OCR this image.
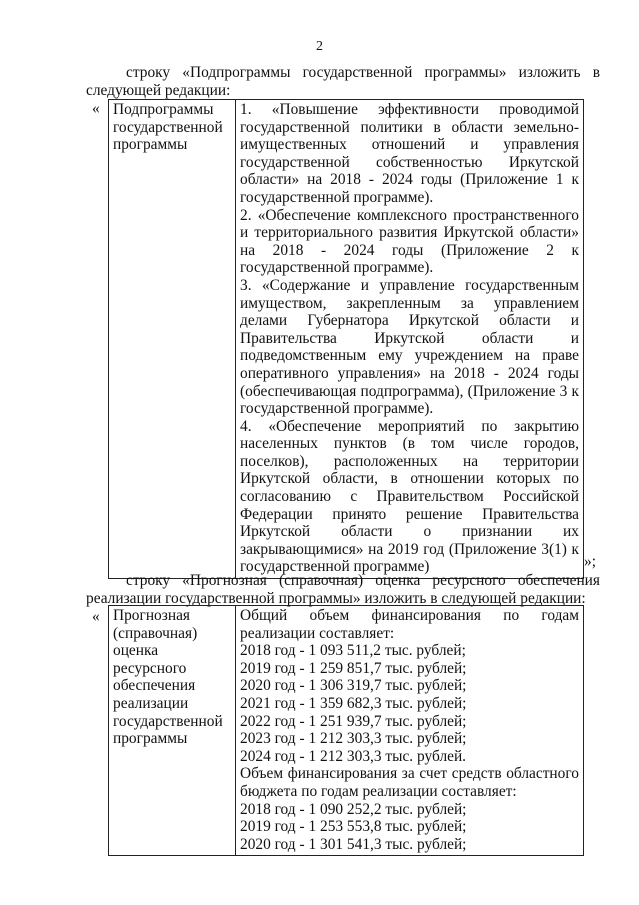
2
строку «Подпрограммы государственной программы» изложить в следующей редакции:
« Подпрограммы государственной программы

1. «Повышение эффективности проводимой государственной политики в области земельно-имущественных отношений и управления государственной собственностью Иркутской области» на 2018 - 2024 годы (Приложение 1 к государственной программе).
2. «Обеспечение комплексного пространственного и территориального развития Иркутской области» на 2018 - 2024 годы (Приложение 2 к государственной программе).
3. «Содержание и управление государственным имуществом, закрепленным за управлением делами Губернатора Иркутской области и Правительства Иркутской области и подведомственным ему учреждением на праве оперативного управления» на 2018 - 2024 годы (обеспечивающая подпрограмма), (Приложение 3 к государственной программе).
4. «Обеспечение мероприятий по закрытию населенных пунктов (в том числе городов, поселков), расположенных на территории Иркутской области, в отношении которых по согласованию с Правительством Российской Федерации принято решение Правительства Иркутской области о признании их закрывающимися» на 2019 год (Приложение 3(1) к государственной программе)	»;
строку «Прогнозная (справочная) оценка ресурсного обеспечения реализации государственной программы» изложить в следующей редакции:
« Прогнозная (справочная) оценка ресурсного обеспечения реализации государственной программы

Общий объем финансирования по годам реализации составляет:
2018 год - 1 093 511,2 тыс. рублей;
2019 год - 1 259 851,7 тыс. рублей;
2020 год - 1 306 319,7 тыс. рублей;
2021 год - 1 359 682,3 тыс. рублей;
2022 год - 1 251 939,7 тыс. рублей;
2023 год - 1 212 303,3 тыс. рублей;
2024 год - 1 212 303,3 тыс. рублей.
Объем финансирования за счет средств областного бюджета по годам реализации составляет:
2018 год - 1 090 252,2 тыс. рублей;
2019 год - 1 253 553,8 тыс. рублей;
2020 год - 1 301 541,3 тыс. рублей;
